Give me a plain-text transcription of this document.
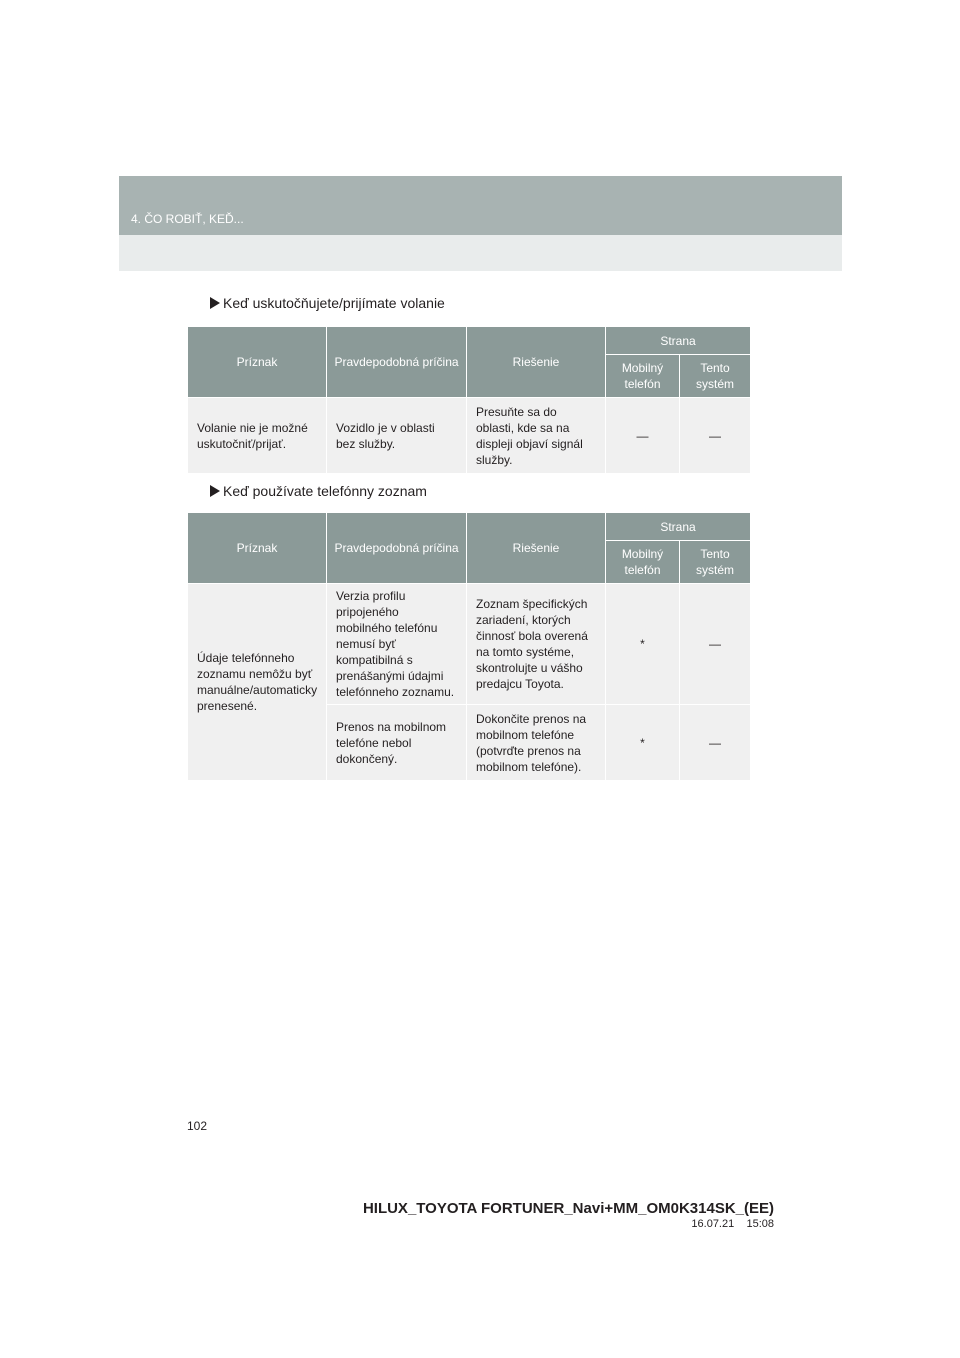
4. ČO ROBIŤ, KEĎ...
Keď uskutočňujete/prijímate volanie
Príznak	Pravdepodobná príčina	Riešenie	Strana	
			Mobilný telefón	Tento systém
Volanie nie je možné uskutočniť/prijať.	Vozidlo je v oblasti bez služby.	Presuňte sa do oblasti, kde sa na displeji objaví signál služby.	—	—
Keď používate telefónny zoznam
Príznak	Pravdepodobná príčina	Riešenie	Strana	
			Mobilný telefón	Tento systém
Údaje telefónneho zoznamu nemôžu byť manuálne/automaticky prenesené.	Verzia profilu pripojeného mobilného telefónu nemusí byť kompatibilná s prenášanými údajmi telefónneho zoznamu.	Zoznam špecifických zariadení, ktorých činnosť bola overená na tomto systéme, skontrolujte u vášho predajcu Toyota.	*	—
	Prenos na mobilnom telefóne nebol dokončený.	Dokončite prenos na mobilnom telefóne (potvrďte prenos na mobilnom telefóne).	*	—
102
HILUX_TOYOTA FORTUNER_Navi+MM_OM0K314SK_(EE)
16.07.21 15:08
